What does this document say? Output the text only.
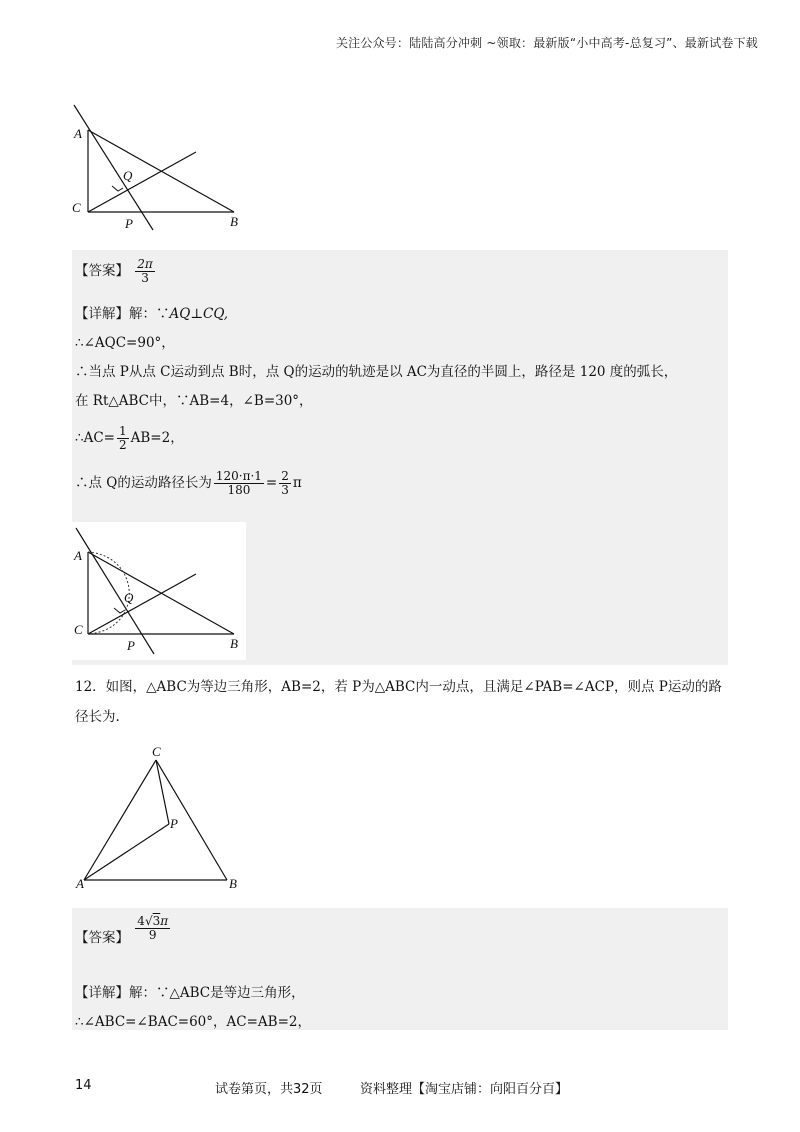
关注公众号：陆陆高分冲刺 ~领取：最新版“小中高考-总复习”、最新试卷下载
A
C
Q
P	B
【答案】 $\frac{2\pi}{3}$
【详解】解：∵AQ⊥CQ,
∴∠AQC=90°，
∴当点 P从点 C运动到点 B时，点 Q的运动的轨迹是以 AC为直径的半圆上，路径是 120 度的弧长，
在 Rt△ABC中，∵AB=4，∠B=30°，
∴AC= $\frac{1}{2} AB=2$，
∴点 Q的运动路径长为 $\frac{120\cdot\pi\cdot 1}{180} = \frac{2}{3}$ π
A
C
Q
P	B
12．如图，△ABC为等边三角形，AB=2，若 P为△ABC内一动点，且满足∠PAB=∠ACP，则点 P运动的路
径长为.
C
P
A	B
【答案】 $\frac{4√3\pi}{9}$
【详解】解：∵△ABC是等边三角形，
∴∠ABC=∠BAC=60°，AC=AB=2，
14	试卷第页，共32页	资料整理【淘宝店铺：向阳百分百】
